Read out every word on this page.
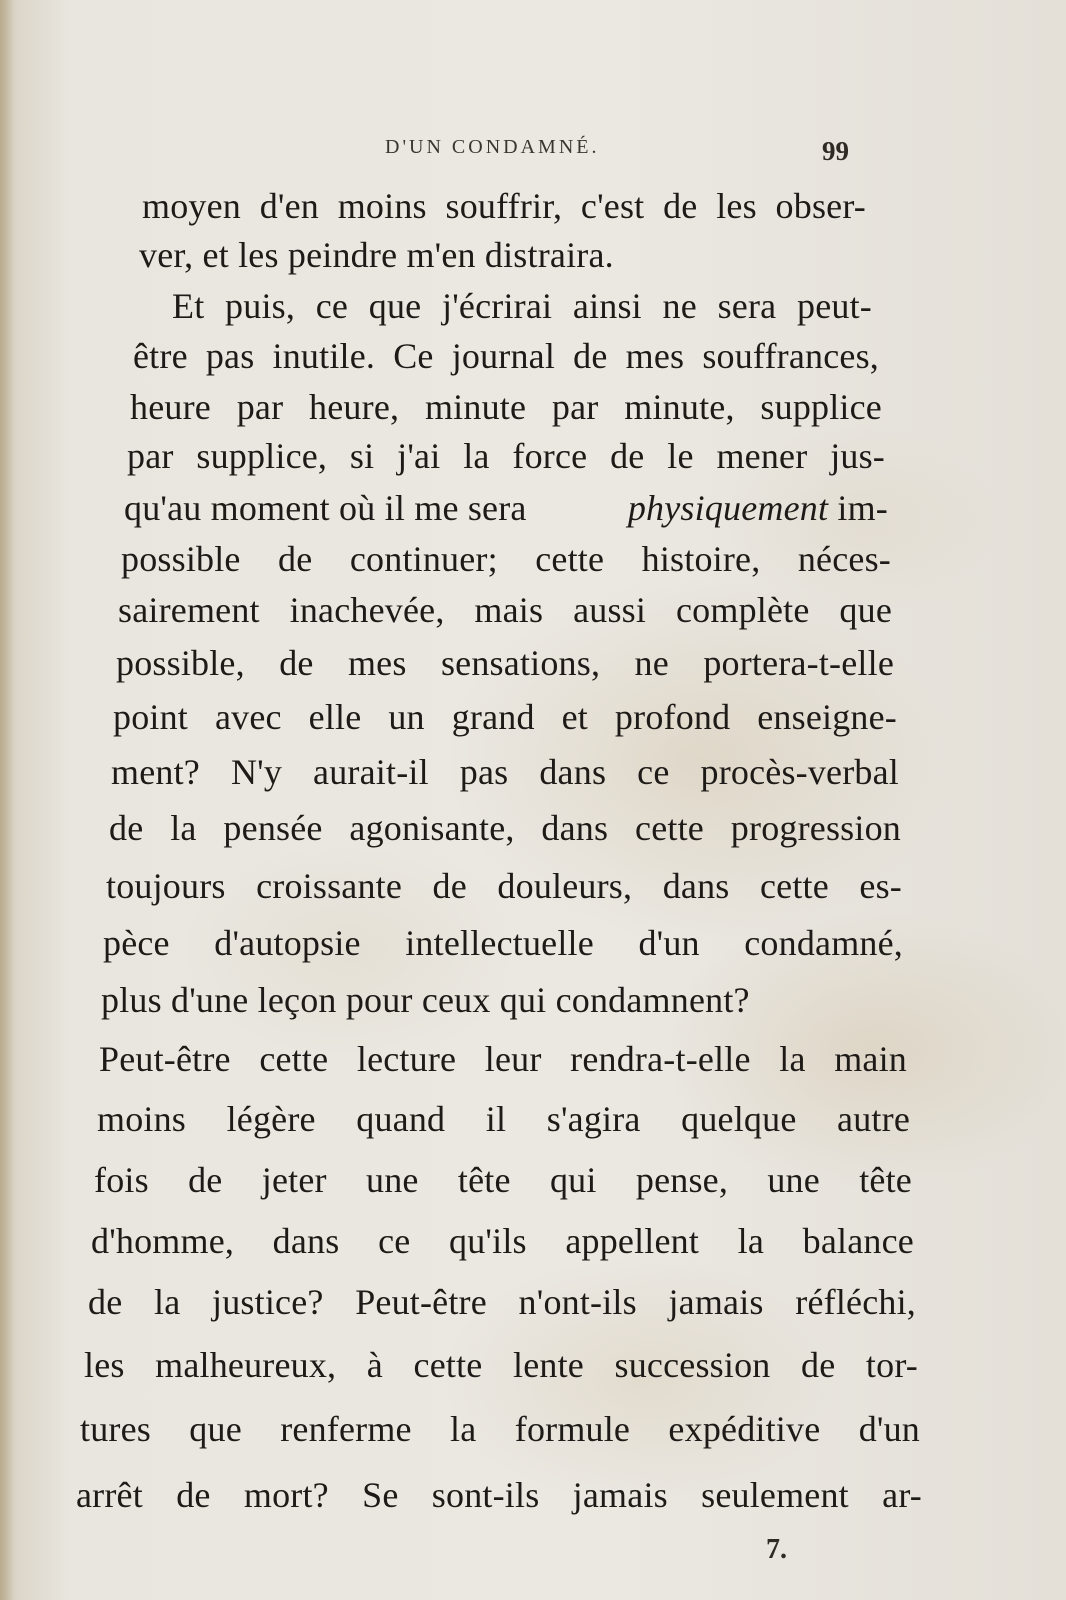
D'UN CONDAMNÉ.	99
moyen d'en moins souffrir, c'est de les obser-
ver, et les peindre m'en distraira.
Et puis, ce que j'écrirai ainsi ne sera peut-
être pas inutile. Ce journal de mes souffrances,
heure par heure, minute par minute, supplice
par supplice, si j'ai la force de le mener jus-
qu'au moment où il me sera	physiquement im-
possible de continuer; cette histoire, néces-
sairement inachevée, mais aussi complète que
possible, de mes sensations, ne portera-t-elle
point avec elle un grand et profond enseigne-
ment? N'y aurait-il pas dans ce procès-verbal
de la pensée agonisante, dans cette progression
toujours croissante de douleurs, dans cette es-
pèce d'autopsie intellectuelle d'un condamné,
plus d'une leçon pour ceux qui condamnent?
Peut-être cette lecture leur rendra-t-elle la main
moins légère quand il s'agira quelque autre
fois de jeter une tête qui pense, une tête
d'homme, dans ce qu'ils appellent la balance
de la justice? Peut-être n'ont-ils jamais réfléchi,
les malheureux, à cette lente succession de tor-
tures que renferme la formule expéditive d'un
arrêt de mort? Se sont-ils jamais seulement ar-
7.
